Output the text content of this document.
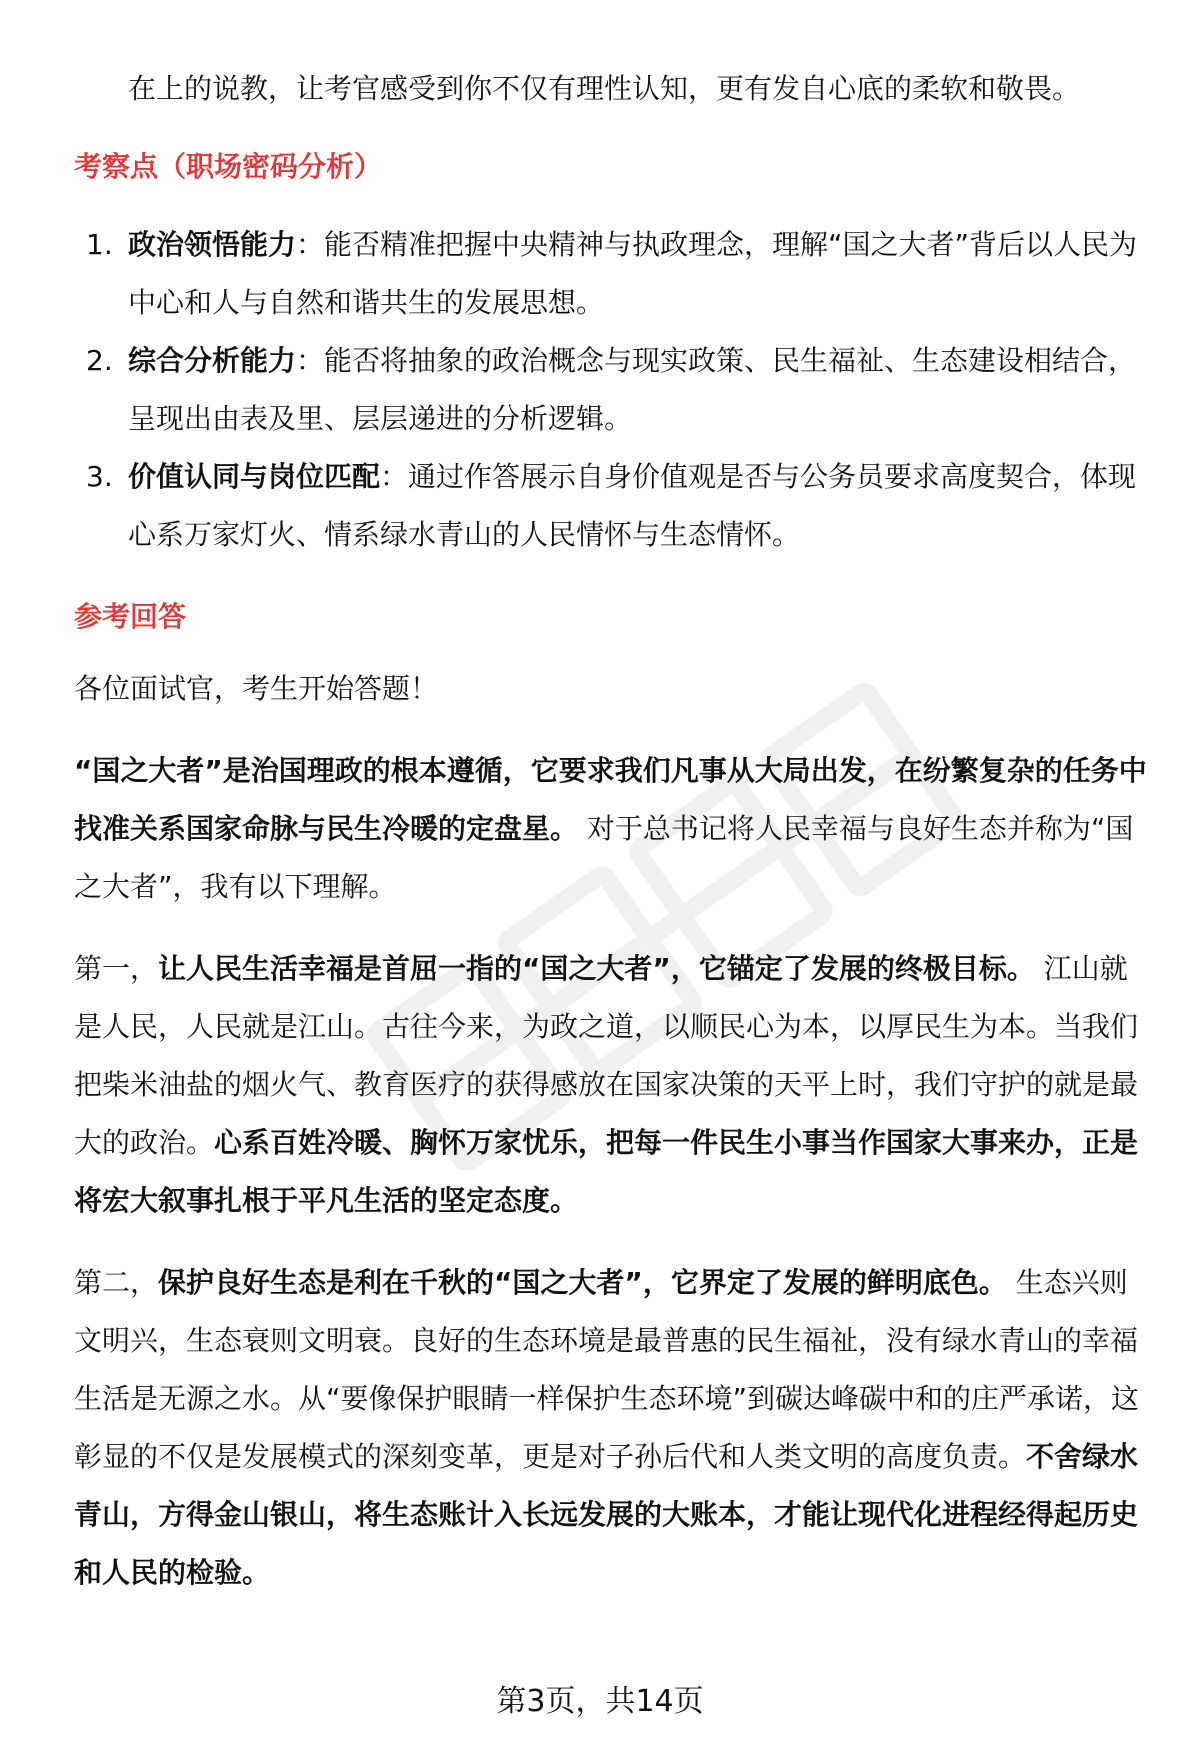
在上的说教，让考官感受到你不仅有理性认知，更有发自心底的柔软和敬畏。

考察点（职场密码分析）

1. 政治领悟能力：能否精准把握中央精神与执政理念，理解“国之大者”背后以人民为中心和人与自然和谐共生的发展思想。
2. 综合分析能力：能否将抽象的政治概念与现实政策、民生福祉、生态建设相结合，呈现出由表及里、层层递进的分析逻辑。
3. 价值认同与岗位匹配：通过作答展示自身价值观是否与公务员要求高度契合，体现心系万家灯火、情系绿水青山的人民情怀与生态情怀。

参考回答

各位面试官，考生开始答题！

“国之大者”是治国理政的根本遵循，它要求我们凡事从大局出发，在纷繁复杂的任务中找准关系国家命脉与民生冷暖的定盘星。 对于总书记将人民幸福与良好生态并称为“国之大者”，我有以下理解。

第一，让人民生活幸福是首屈一指的“国之大者”，它锚定了发展的终极目标。 江山就是人民，人民就是江山。古往今来，为政之道，以顺民心为本，以厚民生为本。当我们把柴米油盐的烟火气、教育医疗的获得感放在国家决策的天平上时，我们守护的就是最大的政治。心系百姓冷暖、胸怀万家忧乐，把每一件民生小事当作国家大事来办，正是将宏大叙事扎根于平凡生活的坚定态度。

第二，保护良好生态是利在千秋的“国之大者”，它界定了发展的鲜明底色。 生态兴则文明兴，生态衰则文明衰。良好的生态环境是最普惠的民生福祉，没有绿水青山的幸福生活是无源之水。从“要像保护眼睛一样保护生态环境”到碳达峰碳中和的庄严承诺，这彰显的不仅是发展模式的深刻变革，更是对子孙后代和人类文明的高度负责。不舍绿水青山，方得金山银山，将生态账计入长远发展的大账本，才能让现代化进程经得起历史和人民的检验。

第3页，共14页
